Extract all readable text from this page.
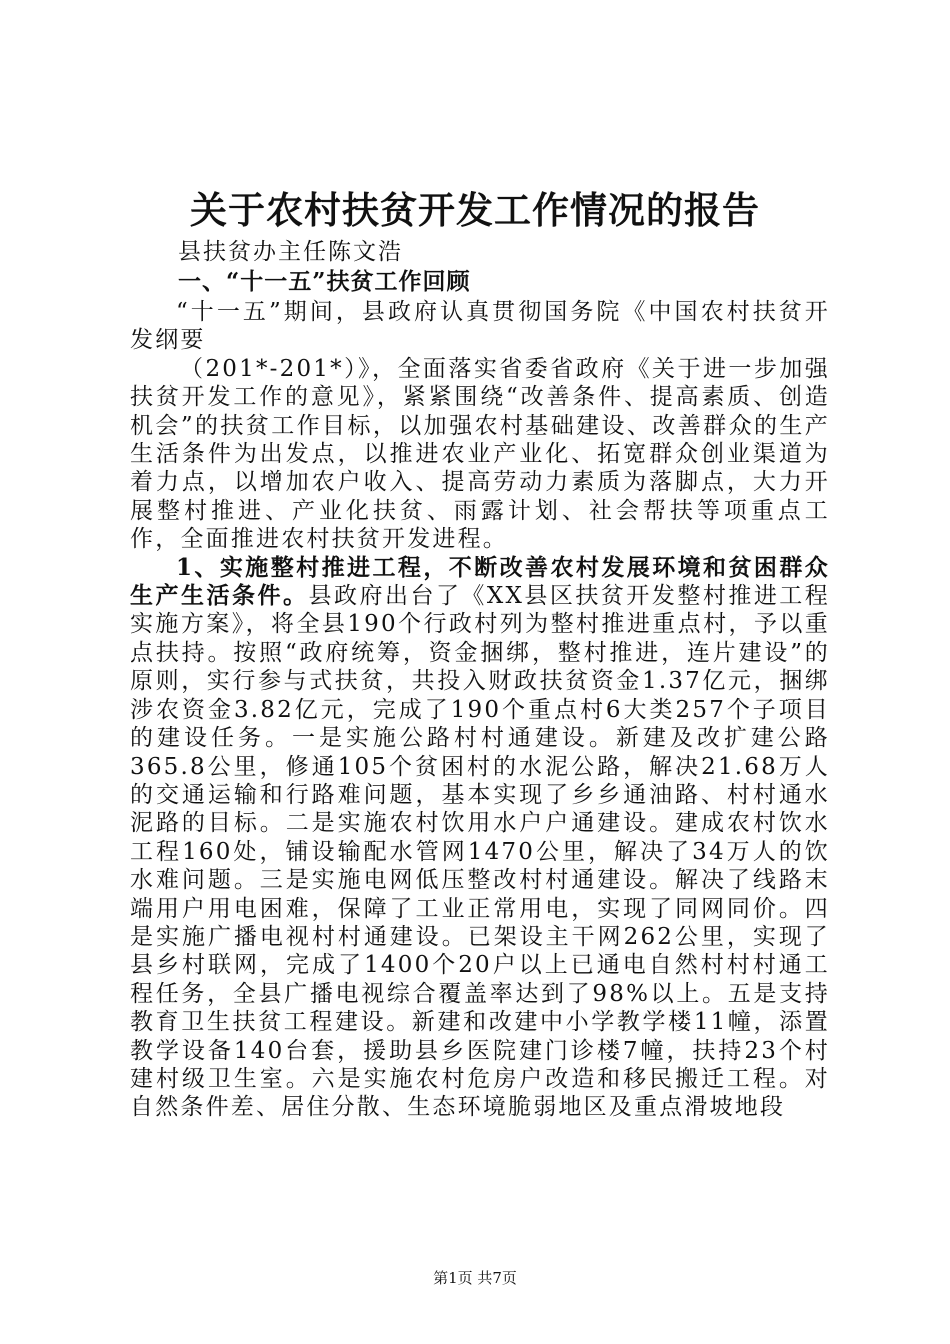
关于农村扶贫开发工作情况的报告
县扶贫办主任陈文浩
一、“十一五”扶贫工作回顾

“十一五”期间，县政府认真贯彻国务院《中国农村扶贫开发纲要

（201*-201*）》，全面落实省委省政府《关于进一步加强扶贫开发工作的意见》，紧紧围绕“改善条件、提高素质、创造机会”的扶贫工作目标，以加强农村基础建设、改善群众的生产生活条件为出发点，以推进农业产业化、拓宽群众创业渠道为着力点，以增加农户收入、提高劳动力素质为落脚点，大力开展整村推进、产业化扶贫、雨露计划、社会帮扶等项重点工作，全面推进农村扶贫开发进程。

1、实施整村推进工程，不断改善农村发展环境和贫困群众生产生活条件。县政府出台了《XX县区扶贫开发整村推进工程实施方案》，将全县190个行政村列为整村推进重点村，予以重点扶持。按照“政府统筹，资金捆绑，整村推进，连片建设”的原则，实行参与式扶贫，共投入财政扶贫资金1.37亿元，捆绑涉农资金3.82亿元，完成了190个重点村6大类257个子项目的建设任务。一是实施公路村村通建设。新建及改扩建公路365.8公里，修通105个贫困村的水泥公路，解决21.68万人的交通运输和行路难问题，基本实现了乡乡通油路、村村通水泥路的目标。二是实施农村饮用水户户通建设。建成农村饮水工程160处，铺设输配水管网1470公里，解决了34万人的饮水难问题。三是实施电网低压整改村村通建设。解决了线路末端用户用电困难，保障了工业正常用电，实现了同网同价。四是实施广播电视村村通建设。已架设主干网262公里，实现了县乡村联网，完成了1400个20户以上已通电自然村村村通工程任务，全县广播电视综合覆盖率达到了98%以上。五是支持教育卫生扶贫工程建设。新建和改建中小学教学楼11幢，添置教学设备140台套，援助县乡医院建门诊楼7幢，扶持23个村建村级卫生室。六是实施农村危房户改造和移民搬迁工程。对自然条件差、居住分散、生态环境脆弱地区及重点滑坡地段

第1页 共7页
